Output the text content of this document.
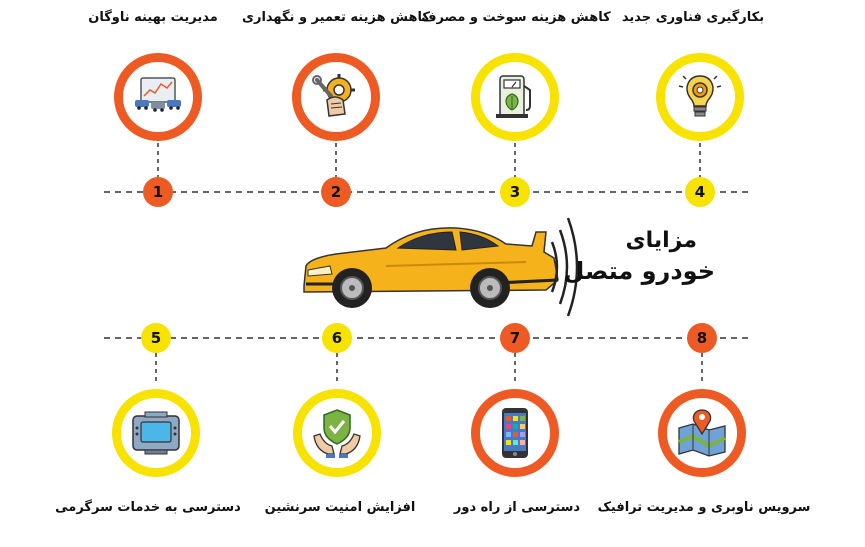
مدیریت بهینه ناوگان کاهش هزینه تعمیر و نگهداری
کاهش هزینه سوخت و مصرف بکارگیری فناوری جدید
1	2	3	4
مزایای
خودرو متصل
5	6	7	8
دسترسی به خدمات سرگرمی افزایش امنیت سرنشین	دسترسی از راه دور سرویس ناوبری و مدیریت ترافیک
